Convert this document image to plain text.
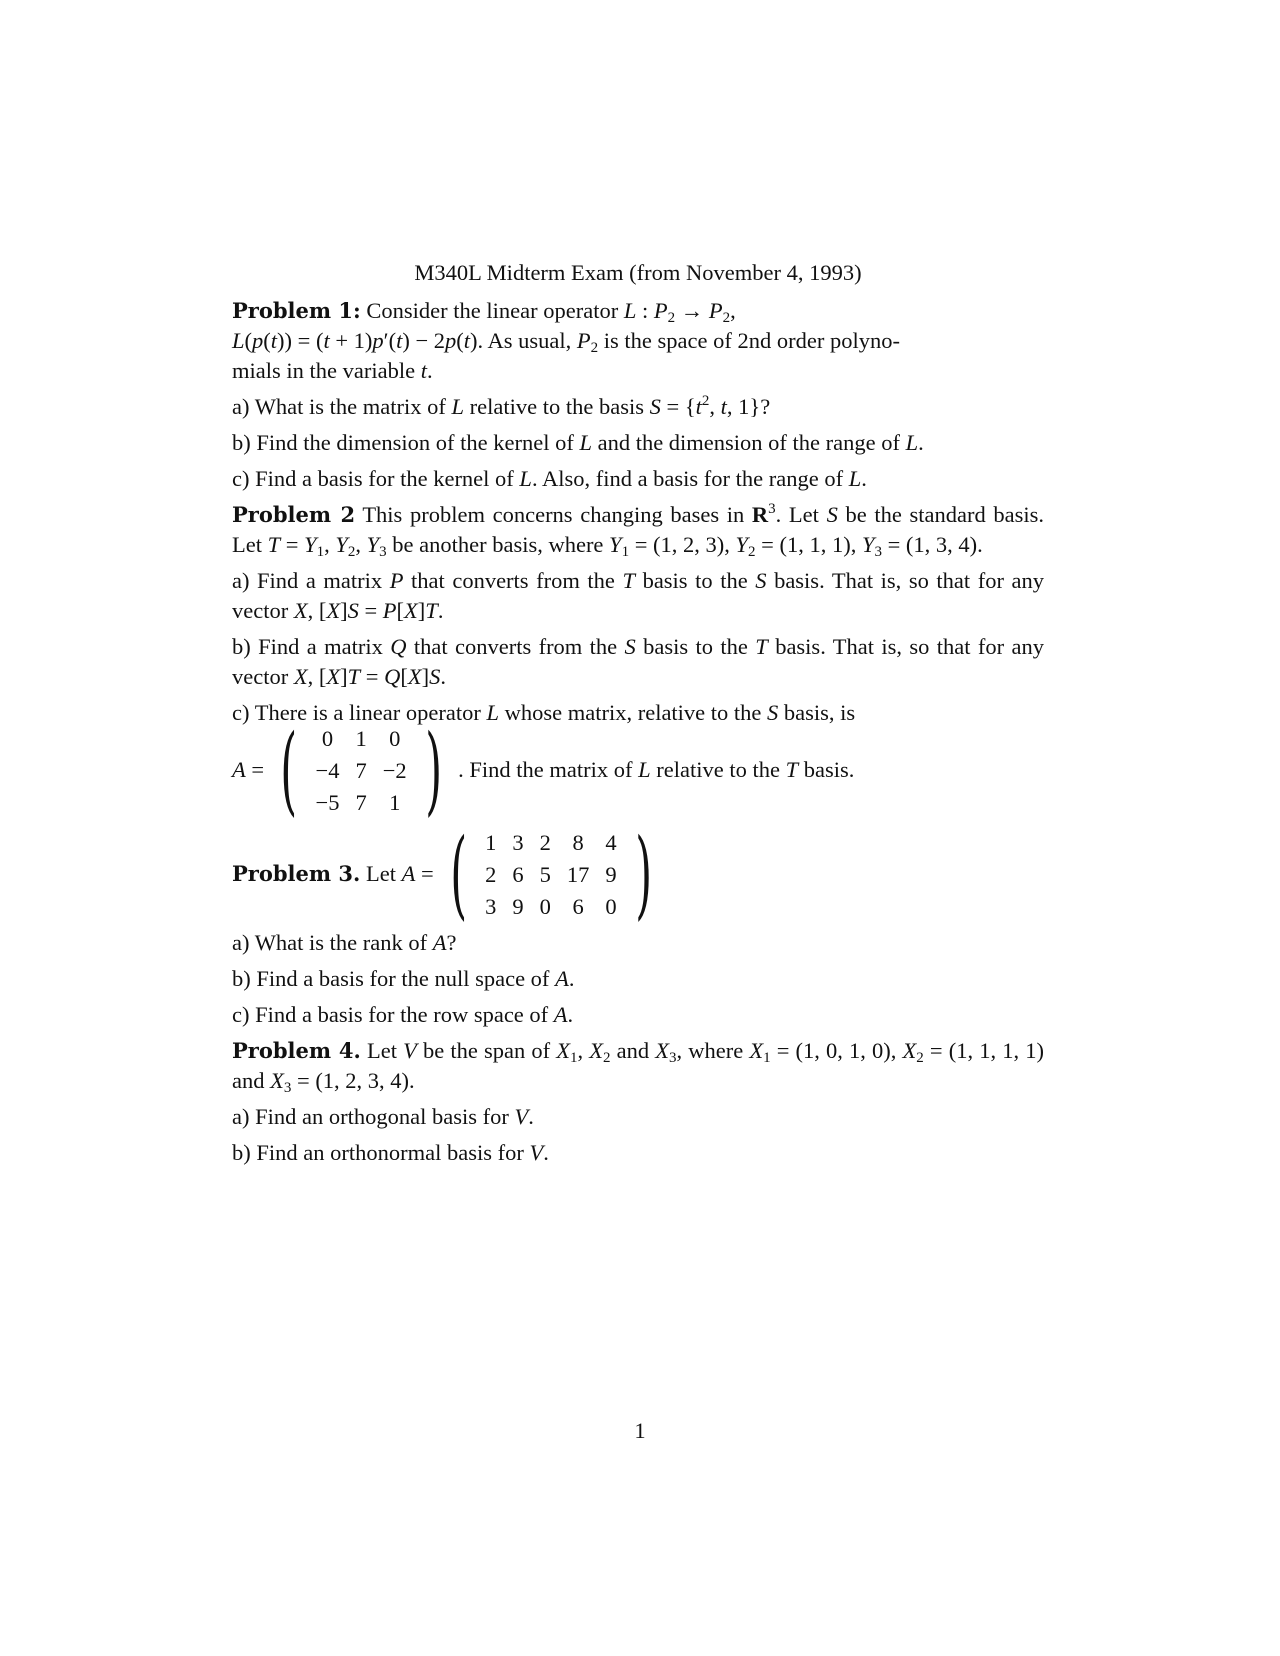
M340L Midterm Exam (from November 4, 1993)
Problem 1: Consider the linear operator L : $P_2 \to P_2$,
L(p(t)) = (t + 1)p′(t) − 2p(t). As usual, $P_2$ is the space of 2nd order polyno-
mials in the variable t.
a) What is the matrix of L relative to the basis $S = \{t^2$, t, 1}?
b) Find the dimension of the kernel of L and the dimension of the range of L.
c) Find a basis for the kernel of L. Also, find a basis for the range of L.
Problem 2 This problem concerns changing bases in $R^3$. Let S be the standard basis. Let $T = Y_1$, $Y_2$, $Y_3$ be another basis, where $Y_1 = (1$, 2, 3), $Y_2 = (1$, 1, 1), $Y_3 = (1$, 3, 4).
a) Find a matrix P that converts from the T basis to the S basis. That is, so that for any vector X, [X]S = P[X]T.
b) Find a matrix Q that converts from the S basis to the T basis. That is, so that for any vector X, [X]T = Q[X]S.
c) There is a linear operator L whose matrix, relative to the S basis, is
A = ( 0	1	0
−4	7	−2
−5	7	1 ) . Find the matrix of L relative to the T basis.
Problem 3.
Let A = ( 1	3	2	8	4
2	6	5	17	9
3	9	0	6	0 )
a) What is the rank of A?
b) Find a basis for the null space of A.
c) Find a basis for the row space of A.
Problem 4. Let V be the span of $X_1$, $X_2$ and $X_3$, where $X_1 = (1$, 0, 1, 0), $X_2 = (1$, 1, 1, 1) and $X_3 = (1$, 2, 3, 4).
a) Find an orthogonal basis for V.
b) Find an orthonormal basis for V.
1
